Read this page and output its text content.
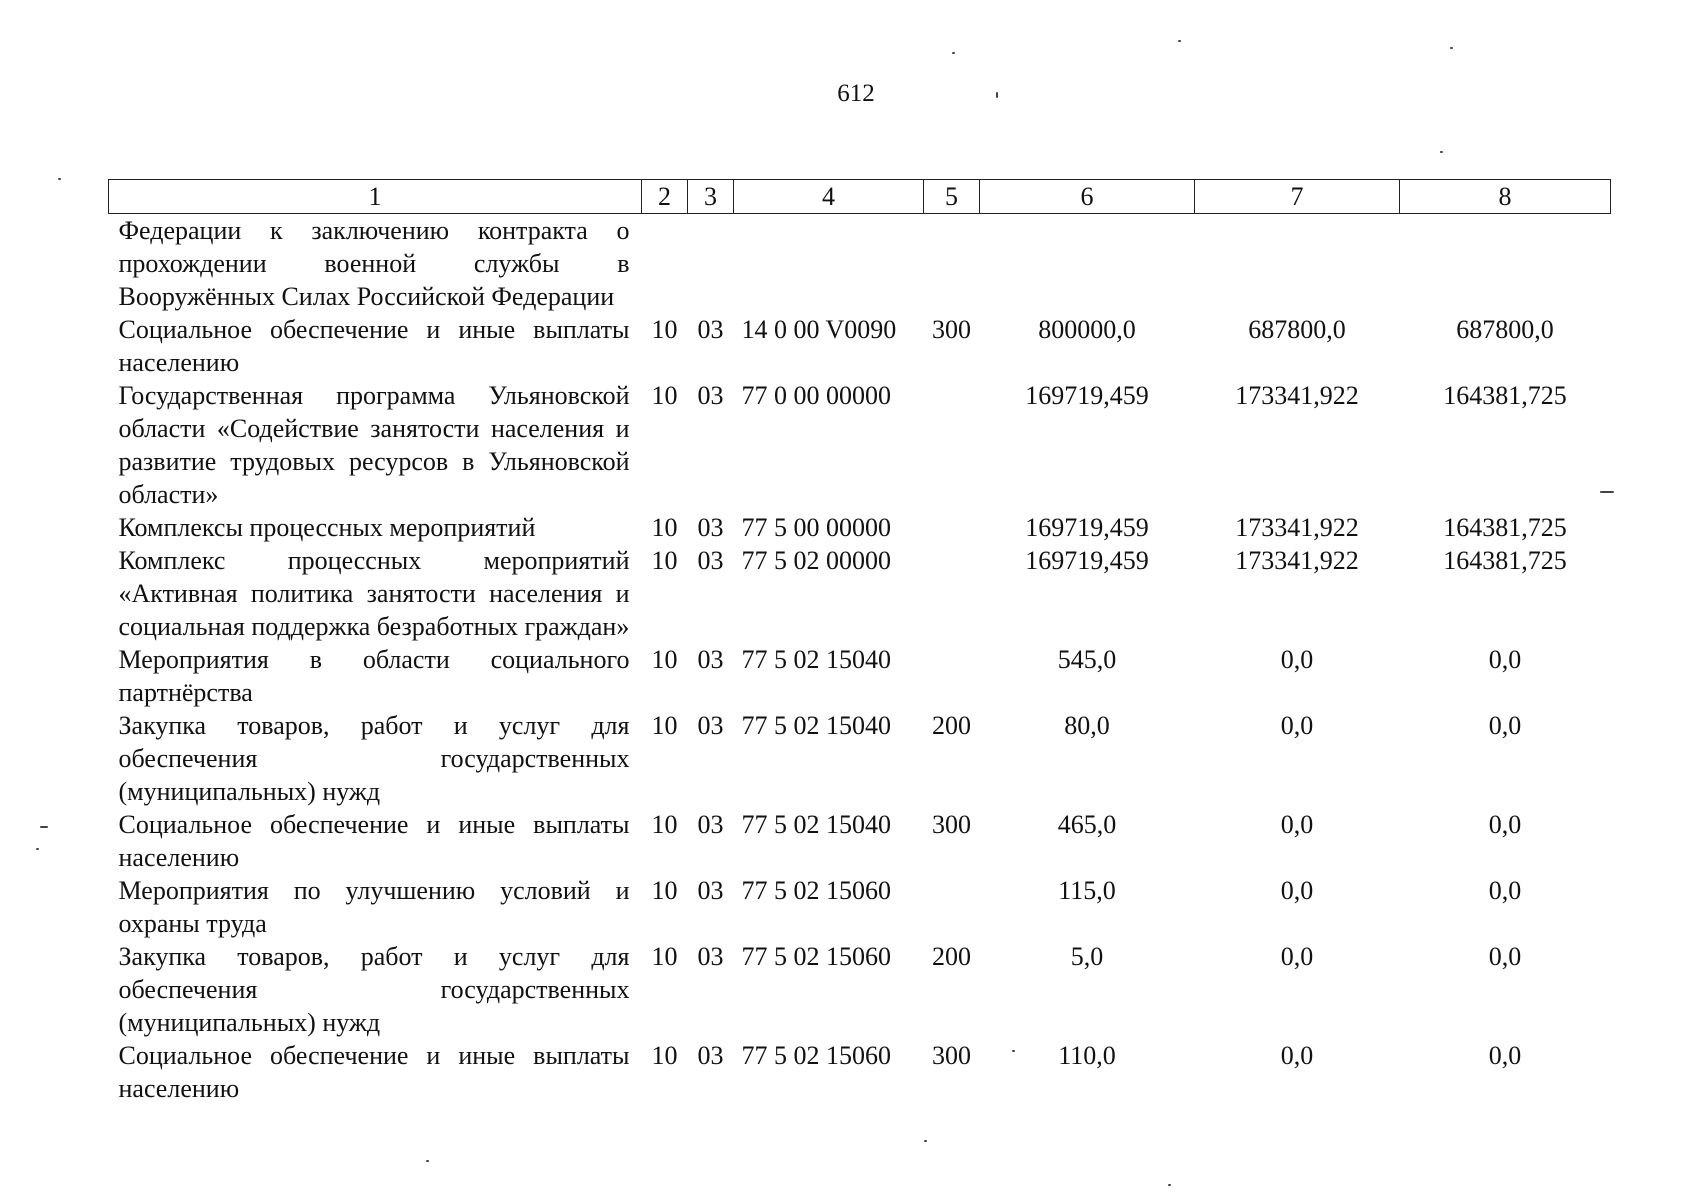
612
1	2	3	4	5	6	7	8
Федерации к заключению контракта о прохождении военной службы в Вооружённых Силах Российской Федерации							
Социальное обеспечение и иные выплаты населению	10	03	14 0 00 V0090	300	800000,0	687800,0	687800,0
Государственная программа Ульяновской области «Содействие занятости населения и развитие трудовых ресурсов в Ульяновской области»	10	03	77 0 00 00000		169719,459	173341,922	164381,725
Комплексы процессных мероприятий	10	03	77 5 00 00000		169719,459	173341,922	164381,725
Комплекс процессных мероприятий «Активная политика занятости населения и социальная поддержка безработных граждан»	10	03	77 5 02 00000		169719,459	173341,922	164381,725
Мероприятия в области социального партнёрства	10	03	77 5 02 15040		545,0	0,0	0,0
Закупка товаров, работ и услуг для обеспечения государственных (муниципальных) нужд	10	03	77 5 02 15040	200	80,0	0,0	0,0
Социальное обеспечение и иные выплаты населению	10	03	77 5 02 15040	300	465,0	0,0	0,0
Мероприятия по улучшению условий и охраны труда	10	03	77 5 02 15060		115,0	0,0	0,0
Закупка товаров, работ и услуг для обеспечения государственных (муниципальных) нужд	10	03	77 5 02 15060	200	5,0	0,0	0,0
Социальное обеспечение и иные выплаты населению	10	03	77 5 02 15060	300	110,0	0,0	0,0
